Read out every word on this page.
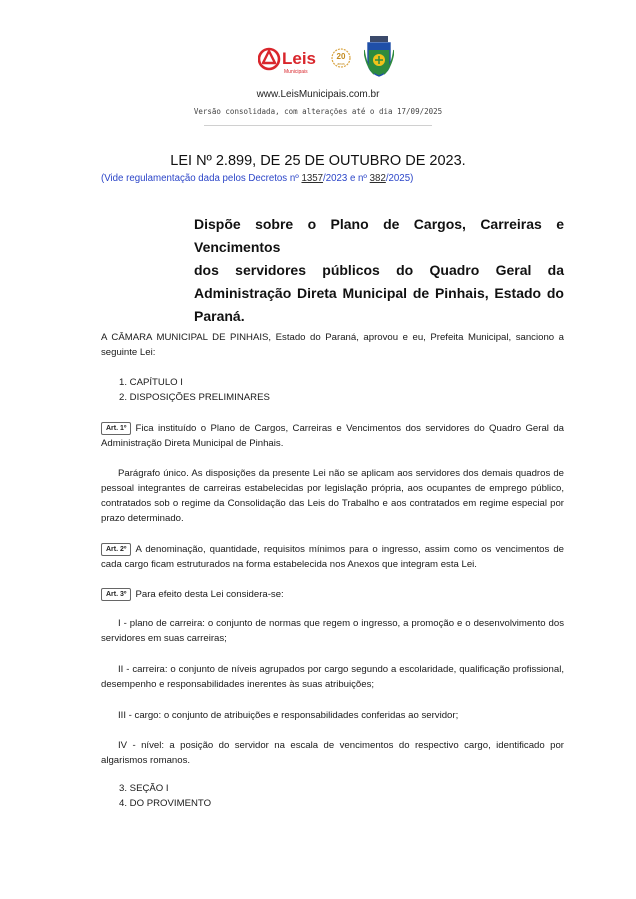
Leis
Municipais
20
anos
www.LeisMunicipais.com.br
Versão consolidada, com alterações até o dia 17/09/2025
LEI Nº 2.899, DE 25 DE OUTUBRO DE 2023.
(Vide regulamentação dada pelos Decretos nº 1357/2023 e nº 382/2025)
Dispõe sobre o Plano de Cargos, Carreiras e Vencimentos
dos servidores públicos do Quadro Geral da
Administração Direta Municipal de Pinhais, Estado do
Paraná.
A CÂMARA MUNICIPAL DE PINHAIS, Estado do Paraná, aprovou e eu, Prefeita Municipal, sanciono a seguinte Lei:
1. CAPÍTULO I
2. DISPOSIÇÕES PRELIMINARES
Art. 1º Fica instituído o Plano de Cargos, Carreiras e Vencimentos dos servidores do Quadro Geral da Administração Direta Municipal de Pinhais.
Parágrafo único. As disposições da presente Lei não se aplicam aos servidores dos demais quadros de pessoal integrantes de carreiras estabelecidas por legislação própria, aos ocupantes de emprego público, contratados sob o regime da Consolidação das Leis do Trabalho e aos contratados em regime especial por prazo determinado.
Art. 2º A denominação, quantidade, requisitos mínimos para o ingresso, assim como os vencimentos de cada cargo ficam estruturados na forma estabelecida nos Anexos que integram esta Lei.
Art. 3º Para efeito desta Lei considera-se:
I - plano de carreira: o conjunto de normas que regem o ingresso, a promoção e o desenvolvimento dos servidores em suas carreiras;
II - carreira: o conjunto de níveis agrupados por cargo segundo a escolaridade, qualificação profissional, desempenho e responsabilidades inerentes às suas atribuições;
III - cargo: o conjunto de atribuições e responsabilidades conferidas ao servidor;
IV - nível: a posição do servidor na escala de vencimentos do respectivo cargo, identificado por algarismos romanos.
3. SEÇÃO I
4. DO PROVIMENTO
